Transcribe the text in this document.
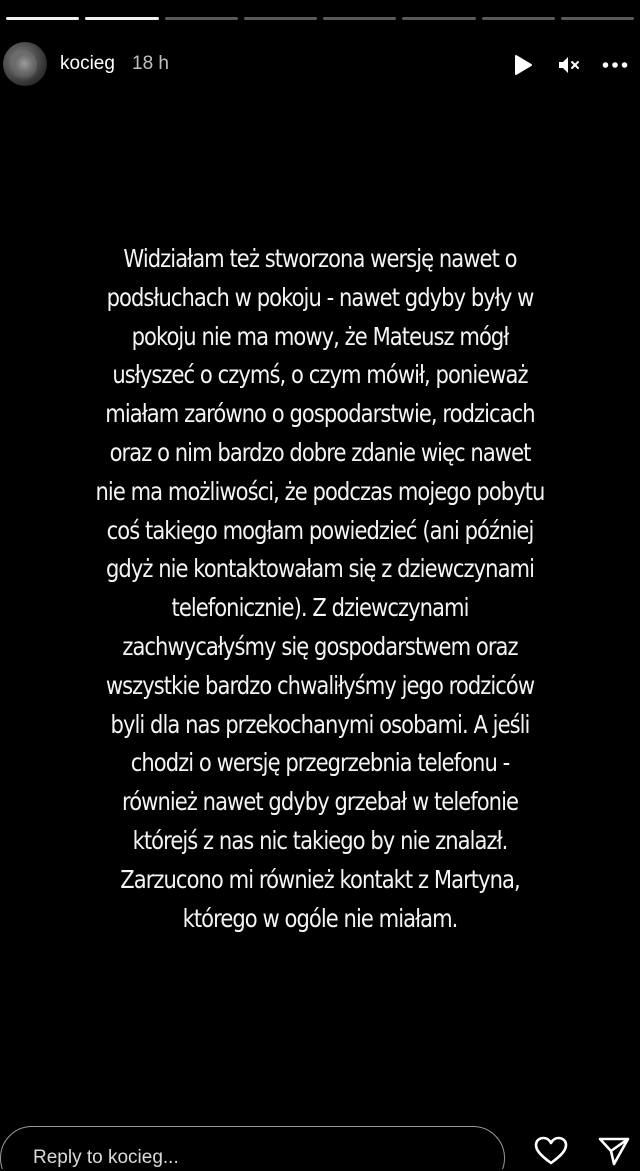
kocieg 18 h
Widziałam też stworzona wersję nawet o
podsłuchach w pokoju - nawet gdyby były w
pokoju nie ma mowy, że Mateusz mógł
usłyszeć o czymś, o czym mówił, ponieważ
miałam zarówno o gospodarstwie, rodzicach
oraz o nim bardzo dobre zdanie więc nawet
nie ma możliwości, że podczas mojego pobytu
coś takiego mogłam powiedzieć (ani później
gdyż nie kontaktowałam się z dziewczynami
telefonicznie). Z dziewczynami
zachwycałyśmy się gospodarstwem oraz
wszystkie bardzo chwaliłyśmy jego rodziców
byli dla nas przekochanymi osobami. A jeśli
chodzi o wersję przegrzebnia telefonu -
również nawet gdyby grzebał w telefonie
którejś z nas nic takiego by nie znalazł.
Zarzucono mi również kontakt z Martyna,
którego w ogóle nie miałam.
Reply to kocieg...
